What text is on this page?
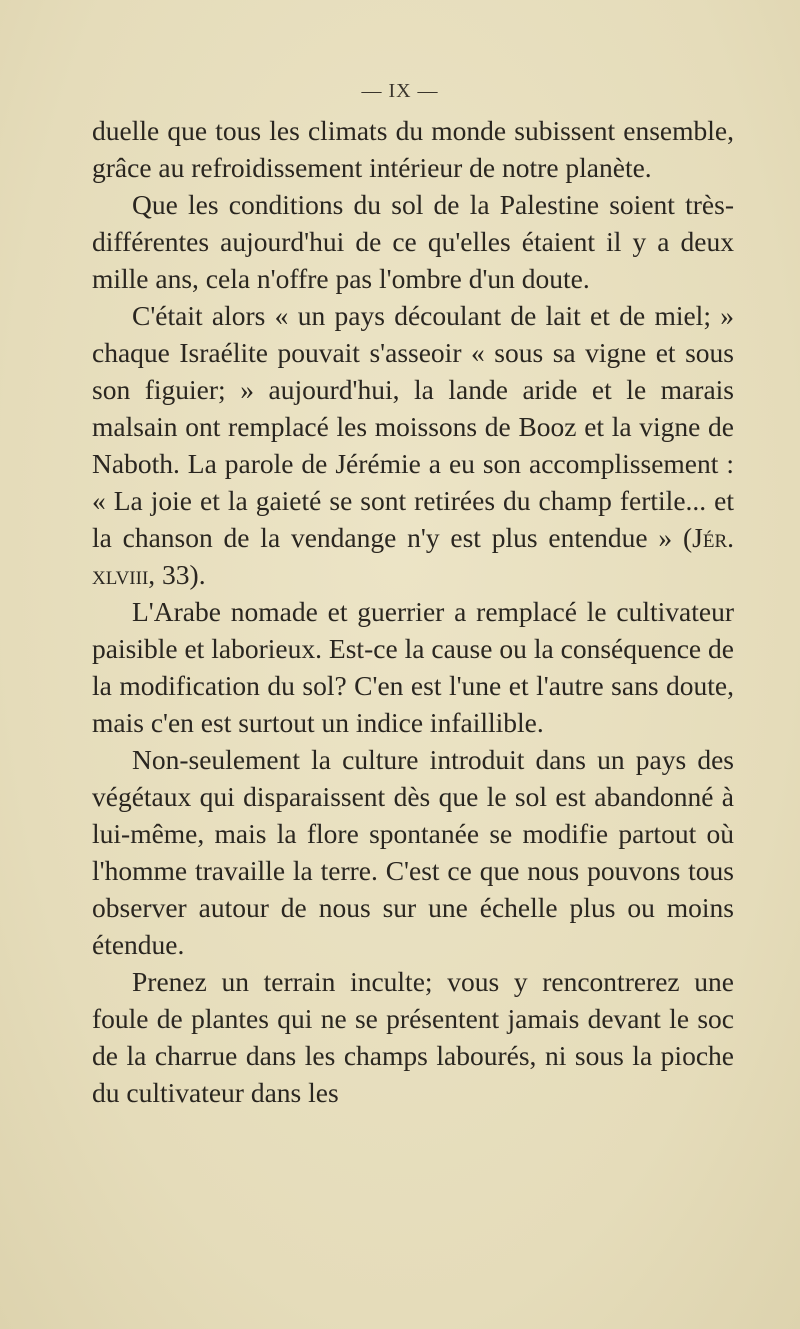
— IX —

duelle que tous les climats du monde subissent ensemble, grâce au refroidissement intérieur de notre planète.

Que les conditions du sol de la Palestine soient très-différentes aujourd'hui de ce qu'elles étaient il y a deux mille ans, cela n'offre pas l'ombre d'un doute.

C'était alors « un pays découlant de lait et de miel; » chaque Israélite pouvait s'asseoir « sous sa vigne et sous son figuier; » aujourd'hui, la lande aride et le marais malsain ont remplacé les moissons de Booz et la vigne de Naboth. La parole de Jérémie a eu son accomplissement : « La joie et la gaieté se sont retirées du champ fertile... et la chanson de la vendange n'y est plus entendue » (Jér. xlviii, 33).

L'Arabe nomade et guerrier a remplacé le cultivateur paisible et laborieux. Est-ce la cause ou la conséquence de la modification du sol? C'en est l'une et l'autre sans doute, mais c'en est surtout un indice infaillible.

Non-seulement la culture introduit dans un pays des végétaux qui disparaissent dès que le sol est abandonné à lui-même, mais la flore spontanée se modifie partout où l'homme travaille la terre. C'est ce que nous pouvons tous observer autour de nous sur une échelle plus ou moins étendue.

Prenez un terrain inculte; vous y rencontrerez une foule de plantes qui ne se présentent jamais devant le soc de la charrue dans les champs labourés, ni sous la pioche du cultivateur dans les
